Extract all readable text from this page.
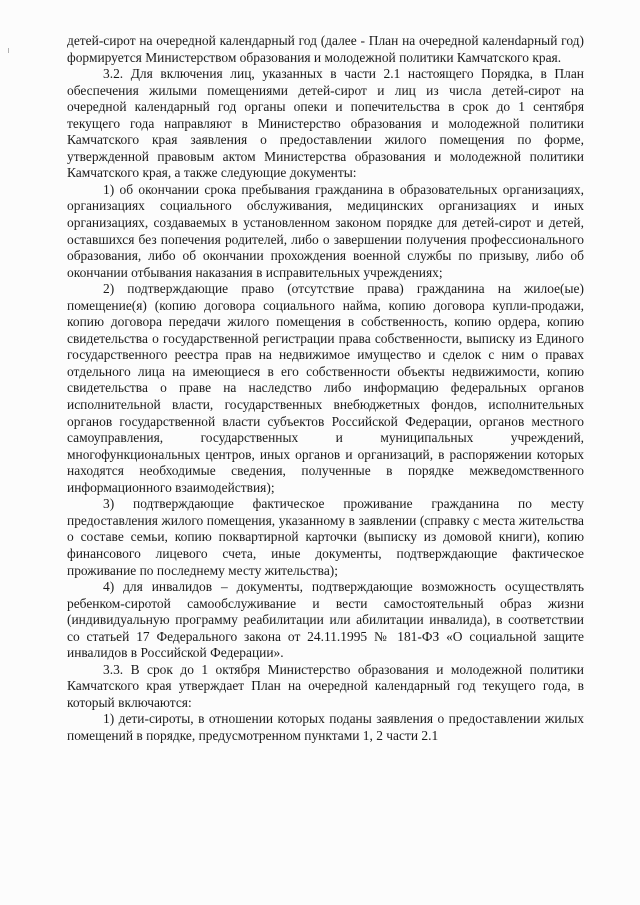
детей-сирот на очередной календарный год (далее - План на очередной каленdарный год) формируется Министерством образования и молодежной политики Камчатского края.

3.2. Для включения лиц, указанных в части 2.1 настоящего Порядка, в План обеспечения жилыми помещениями детей-сирот и лиц из числа детей-сирот на очередной календарный год органы опеки и попечительства в срок до 1 сентября текущего года направляют в Министерство образования и молодежной политики Камчатского края заявления о предоставлении жилого помещения по форме, утвержденной правовым актом Министерства образования и молодежной политики Камчатского края, а также следующие документы:

1) об окончании срока пребывания гражданина в образовательных организациях, организациях социального обслуживания, медицинских организациях и иных организациях, создаваемых в установленном законом порядке для детей-сирот и детей, оставшихся без попечения родителей, либо о завершении получения профессионального образования, либо об окончании прохождения военной службы по призыву, либо об окончании отбывания наказания в исправительных учреждениях;

2) подтверждающие право (отсутствие права) гражданина на жилое(ые) помещение(я) (копию договора социального найма, копию договора купли-продажи, копию договора передачи жилого помещения в собственность, копию ордера, копию свидетельства о государственной регистрации права собственности, выписку из Единого государственного реестра прав на недвижимое имущество и сделок с ним о правах отдельного лица на имеющиеся в его собственности объекты недвижимости, копию свидетельства о праве на наследство либо информацию федеральных органов исполнительной власти, государственных внебюджетных фондов, исполнительных органов государственной власти субъектов Российской Федерации, органов местного самоуправления, государственных и муниципальных учреждений, многофункциональных центров, иных органов и организаций, в распоряжении которых находятся необходимые сведения, полученные в порядке межведомственного информационного взаимодействия);

3) подтверждающие фактическое проживание гражданина по месту предоставления жилого помещения, указанному в заявлении (справку с места жительства о составе семьи, копию поквартирной карточки (выписку из домовой книги), копию финансового лицевого счета, иные документы, подтверждающие фактическое проживание по последнему месту жительства);

4) для инвалидов – документы, подтверждающие возможность осуществлять ребенком-сиротой самообслуживание и вести самостоятельный образ жизни (индивидуальную программу реабилитации или абилитации инвалида), в соответствии со статьей 17 Федерального закона от 24.11.1995 № 181-ФЗ «О социальной защите инвалидов в Российской Федерации».

3.3. В срок до 1 октября Министерство образования и молодежной политики Камчатского края утверждает План на очередной календарный год текущего года, в который включаются:

1) дети-сироты, в отношении которых поданы заявления о предоставлении жилых помещений в порядке, предусмотренном пунктами 1, 2 части 2.1
